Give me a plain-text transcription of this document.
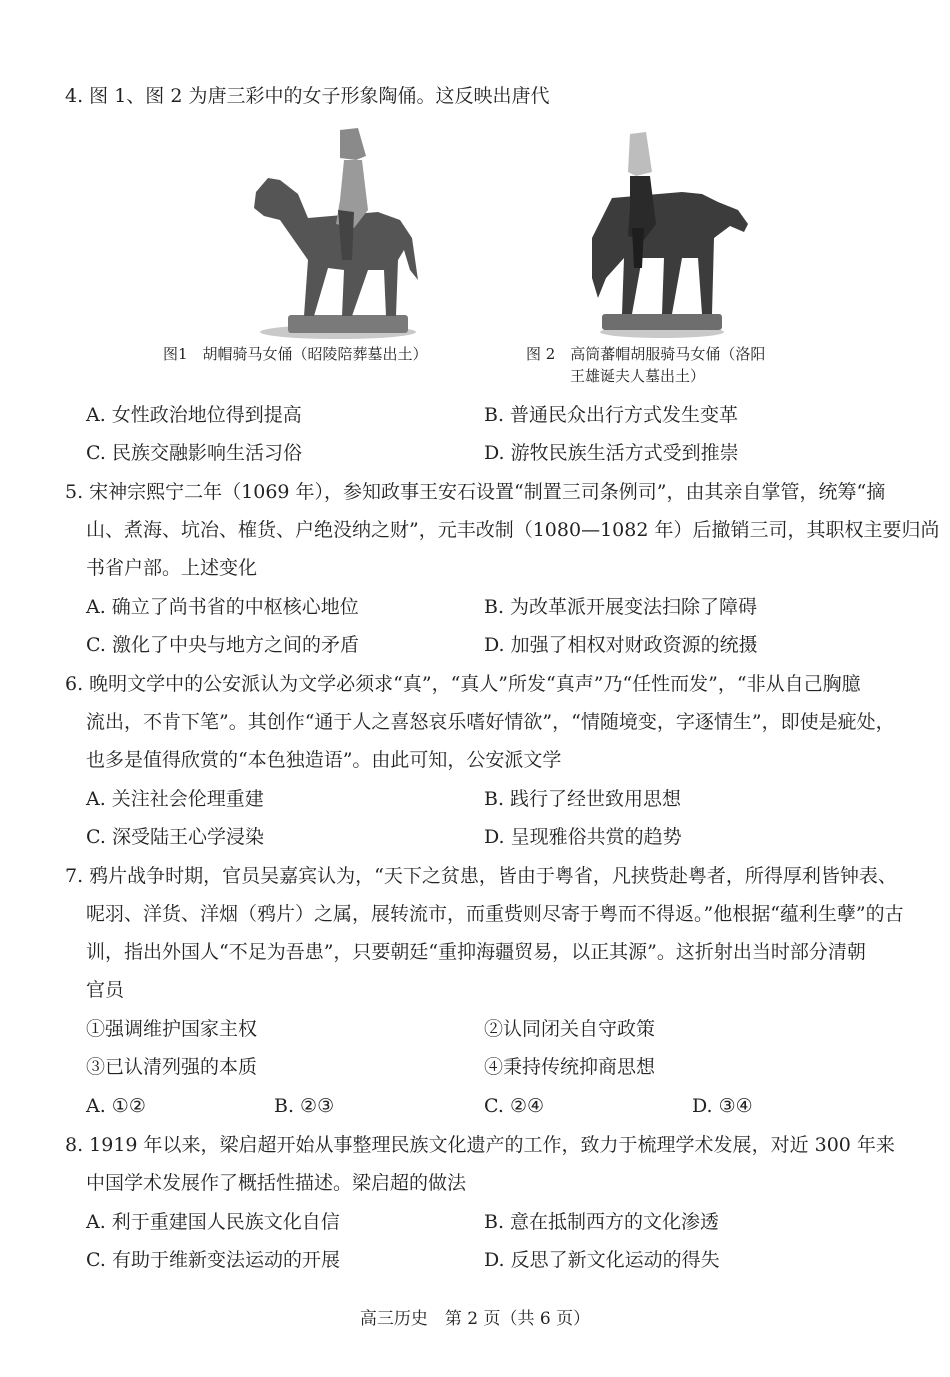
4. 图 1、图 2 为唐三彩中的女子形象陶俑。这反映出唐代
图1　胡帽骑马女俑（昭陵陪葬墓出土）	图 2　高筒蕃帽胡服骑马女俑（洛阳
王雄诞夫人墓出土）
A. 女性政治地位得到提高	B. 普通民众出行方式发生变革
C. 民族交融影响生活习俗	D. 游牧民族生活方式受到推崇
5. 宋神宗熙宁二年（1069 年），参知政事王安石设置“制置三司条例司”，由其亲自掌管，统筹“摘
山、煮海、坑冶、榷货、户绝没纳之财”，元丰改制（1080—1082 年）后撤销三司，其职权主要归尚
书省户部。上述变化
A. 确立了尚书省的中枢核心地位	B. 为改革派开展变法扫除了障碍
C. 激化了中央与地方之间的矛盾	D. 加强了相权对财政资源的统摄
6. 晚明文学中的公安派认为文学必须求“真”，“真人”所发“真声”乃“任性而发”，“非从自己胸臆
流出，不肯下笔”。其创作“通于人之喜怒哀乐嗜好情欲”，“情随境变，字逐情生”，即使是疵处，
也多是值得欣赏的“本色独造语”。由此可知，公安派文学
A. 关注社会伦理重建	B. 践行了经世致用思想
C. 深受陆王心学浸染	D. 呈现雅俗共赏的趋势
7. 鸦片战争时期，官员吴嘉宾认为，“天下之贫患，皆由于粤省，凡挟赀赴粤者，所得厚利皆钟表、
呢羽、洋货、洋烟（鸦片）之属，展转流市，而重赀则尽寄于粤而不得返。”他根据“蕴利生孽”的古
训，指出外国人“不足为吾患”，只要朝廷“重抑海疆贸易，以正其源”。这折射出当时部分清朝
官员
①强调维护国家主权	②认同闭关自守政策
③已认清列强的本质	④秉持传统抑商思想
A. ①②	B. ②③	C. ②④	D. ③④
8. 1919 年以来，梁启超开始从事整理民族文化遗产的工作，致力于梳理学术发展，对近 300 年来
中国学术发展作了概括性描述。梁启超的做法
A. 利于重建国人民族文化自信	B. 意在抵制西方的文化渗透
C. 有助于维新变法运动的开展	D. 反思了新文化运动的得失
高三历史　第 2 页（共 6 页）
